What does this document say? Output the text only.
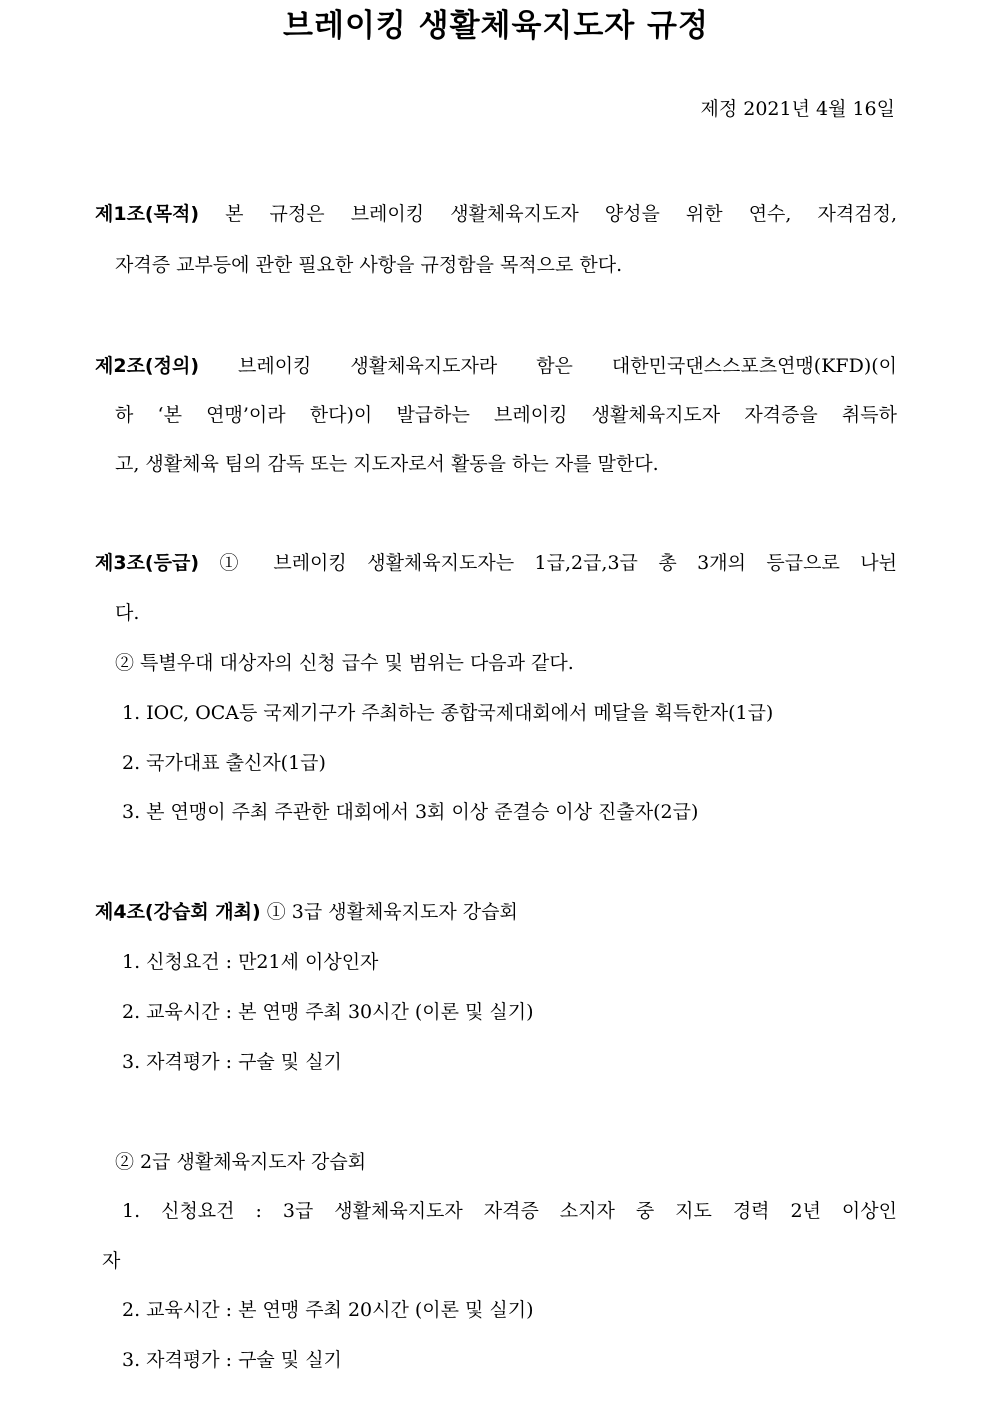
브레이킹 생활체육지도자 규정
제정 2021년 4월 16일
제1조(목적) 본 규정은 브레이킹 생활체육지도자 양성을 위한 연수, 자격검정,
자격증 교부등에 관한 필요한 사항을 규정함을 목적으로 한다.
제2조(정의) 브레이킹 생활체육지도자라 함은 대한민국댄스스포츠연맹(KFD)(이
하 ‘본 연맹’이라 한다)이 발급하는 브레이킹 생활체육지도자 자격증을 취득하
고, 생활체육 팀의 감독 또는 지도자로서 활동을 하는 자를 말한다.
제3조(등급) ① 브레이킹 생활체육지도자는 1급,2급,3급 총 3개의 등급으로 나뉜
다.
② 특별우대 대상자의 신청 급수 및 범위는 다음과 같다.
1. IOC, OCA등 국제기구가 주최하는 종합국제대회에서 메달을 획득한자(1급)
2. 국가대표 출신자(1급)
3. 본 연맹이 주최 주관한 대회에서 3회 이상 준결승 이상 진출자(2급)
제4조(강습회 개최) ① 3급 생활체육지도자 강습회
1. 신청요건 : 만21세 이상인자
2. 교육시간 : 본 연맹 주최 30시간 (이론 및 실기)
3. 자격평가 : 구술 및 실기
② 2급 생활체육지도자 강습회
1. 신청요건 : 3급 생활체육지도자 자격증 소지자 중 지도 경력 2년 이상인
자
2. 교육시간 : 본 연맹 주최 20시간 (이론 및 실기)
3. 자격평가 : 구술 및 실기
